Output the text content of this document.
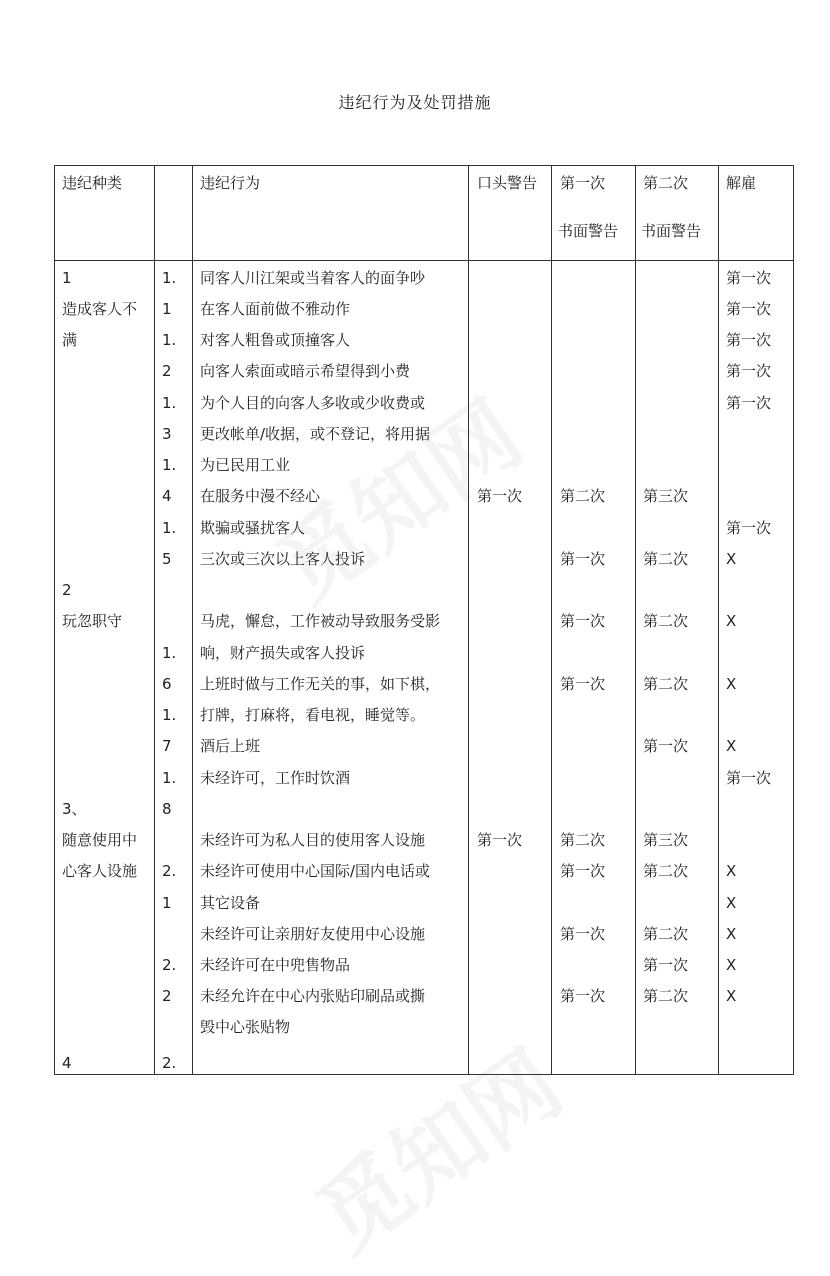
违纪行为及处罚措施
违纪种类	违纪行为	口头警告 第一次
书面警告
第二次
书面警告
解雇
1
造成客人不
满
2
玩忽职守
3、
随意使用中
心客人设施
4
1.
1
1.
2
1.
3
1.
4
1.
5
1.
6
1.
7
1.
8
2.
1
2.
2
2.
同客人川江架或当着客人的面争吵
在客人面前做不雅动作
对客人粗鲁或顶撞客人
向客人索面或暗示希望得到小费
为个人目的向客人多收或少收费或
更改帐单/收据，或不登记，将用据
为已民用工业
在服务中漫不经心
欺骗或骚扰客人
三次或三次以上客人投诉
马虎，懈怠，工作被动导致服务受影
响，财产损失或客人投诉
上班时做与工作无关的事，如下棋，
打牌，打麻将，看电视，睡觉等。
酒后上班
未经许可，工作时饮酒
未经许可为私人目的使用客人设施
未经许可使用中心国际/国内电话或
其它设备
未经许可让亲朋好友使用中心设施
未经许可在中兜售物品
未经允许在中心内张贴印刷品或撕
毁中心张贴物
第一次
第一次
第二次
第一次
第一次
第一次
第二次
第一次
第一次
第一次
第三次
第二次
第二次
第二次
第一次
第三次
第二次
第二次
第一次
第二次
第一次
第一次
第一次
第一次
第一次
第一次
X
X
X
X
第一次
X
X
X
X
X
